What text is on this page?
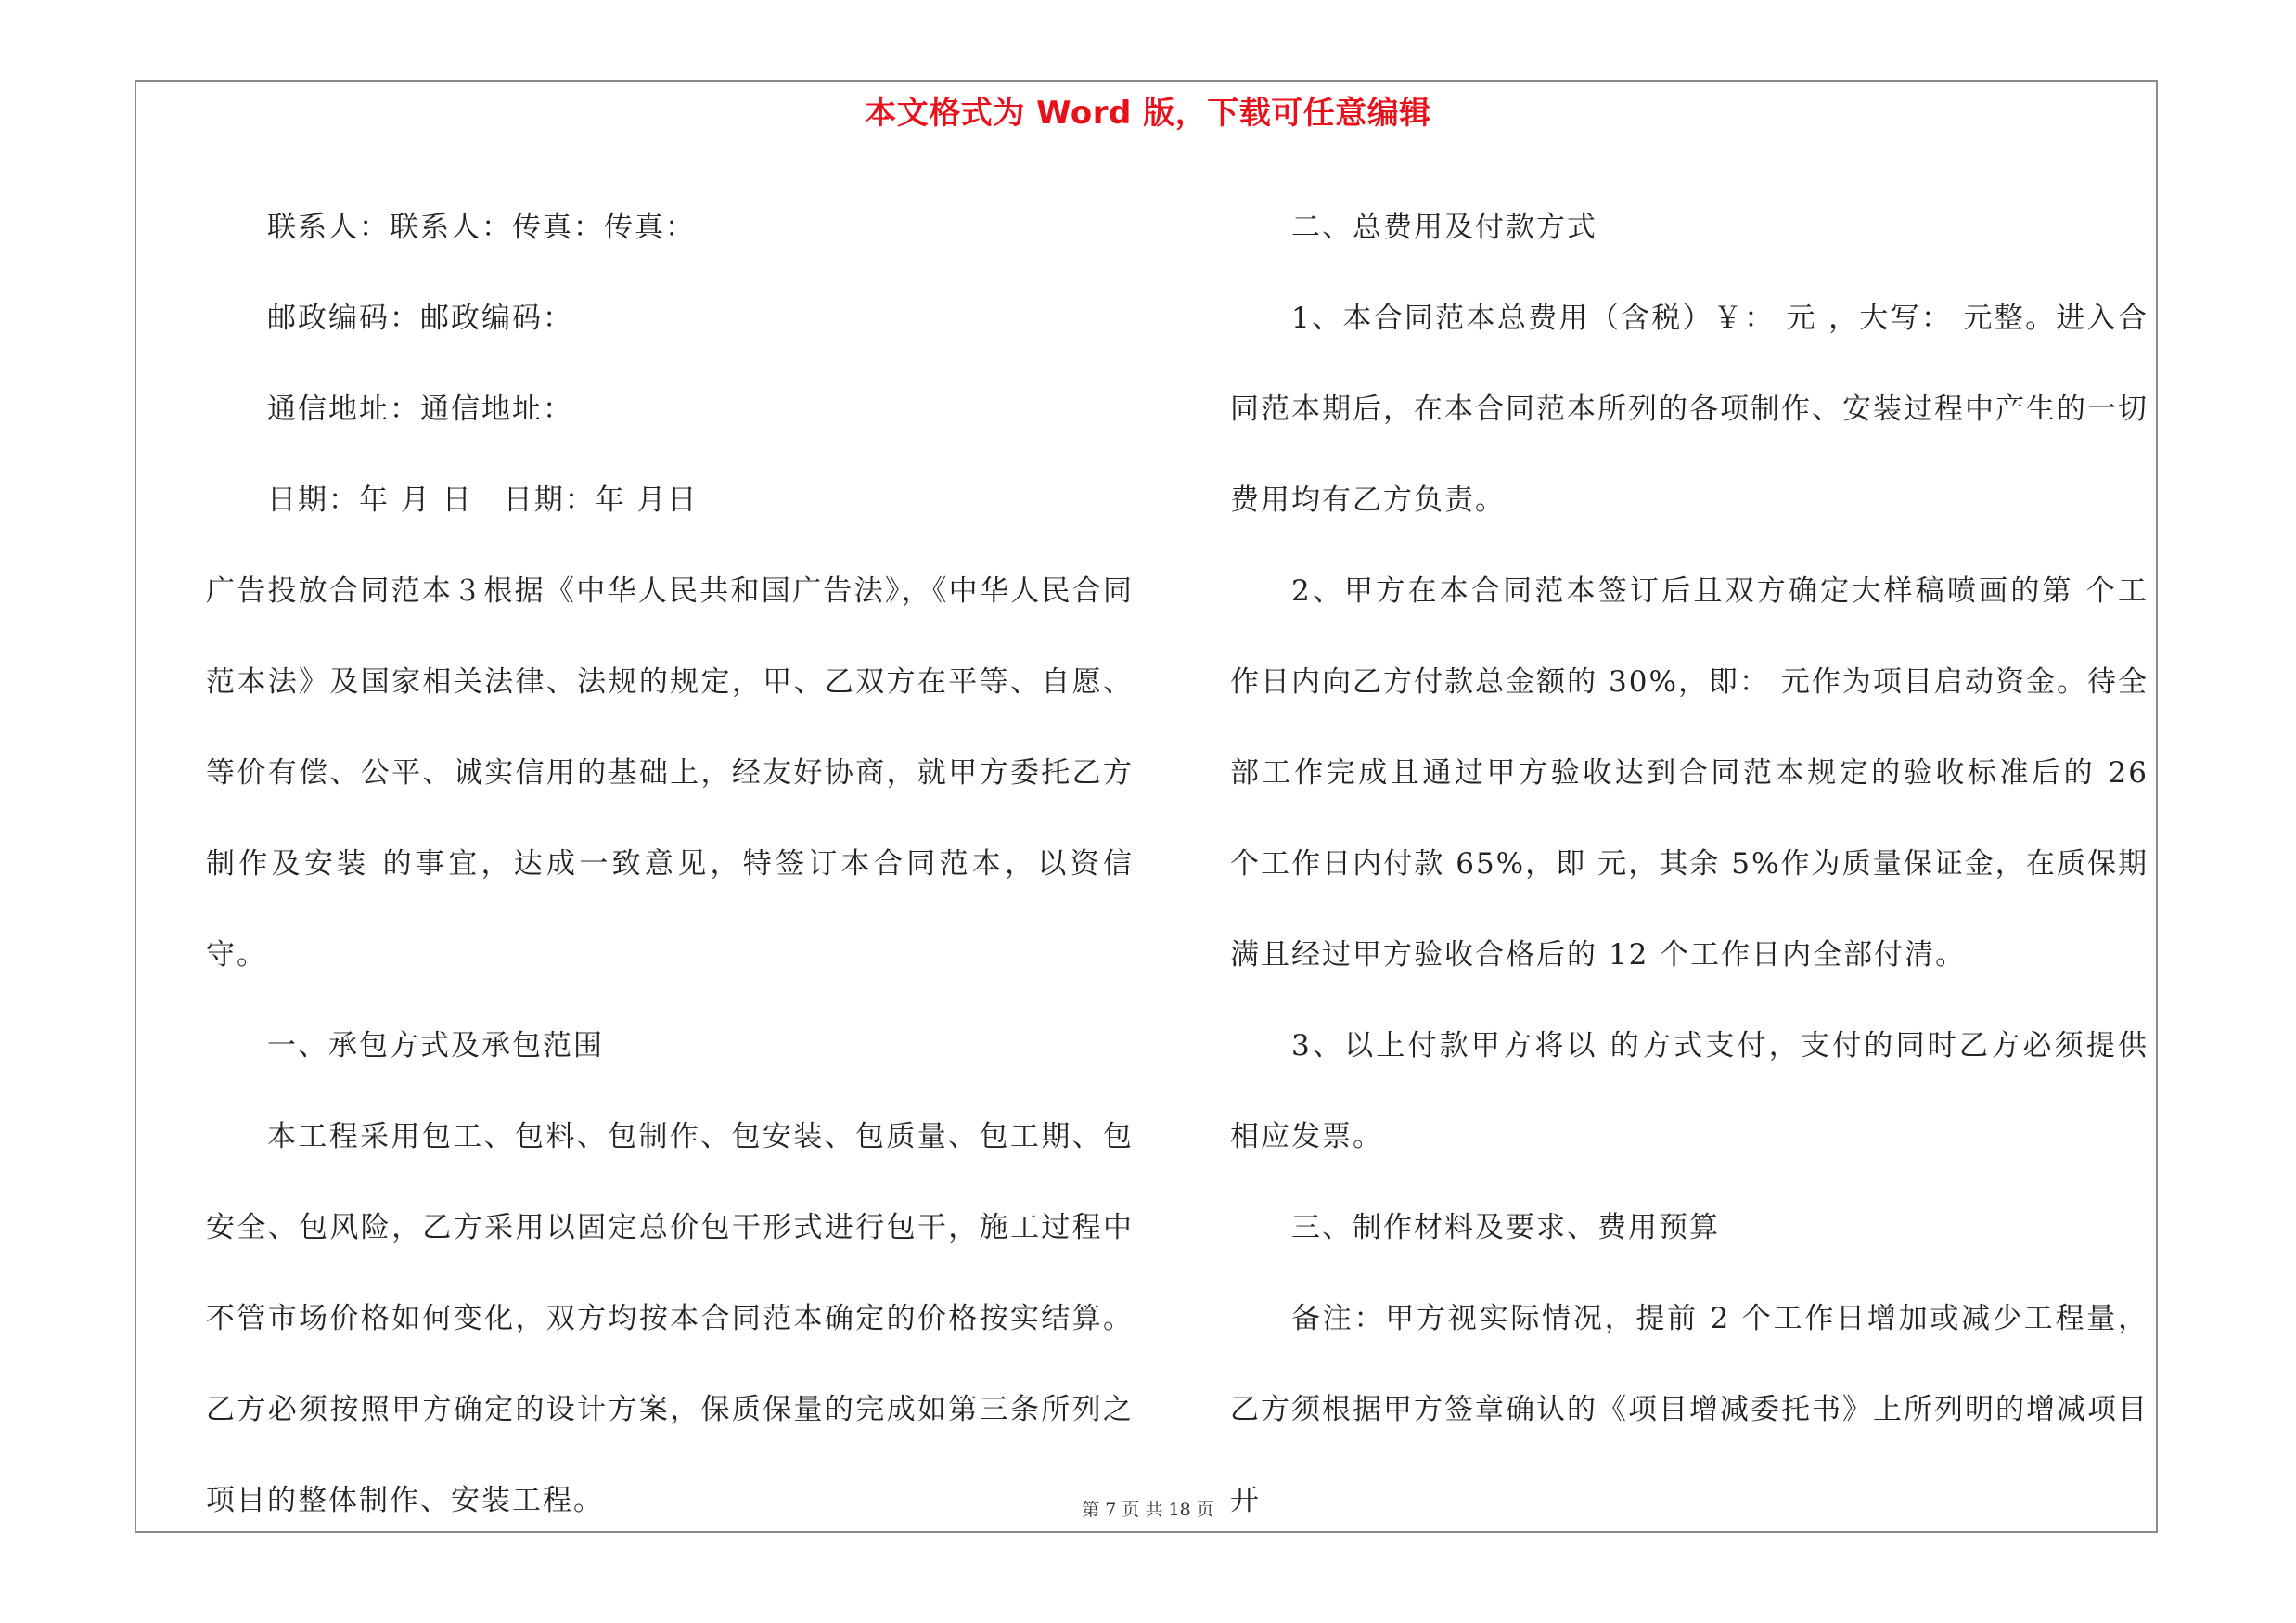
本文格式为 Word 版，下载可任意编辑

联系人：联系人：传真：传真：

邮政编码：邮政编码：

通信地址：通信地址：

日期：年 月 日　日期：年 月日

广告投放合同范本３根据《中华人民共和国广告法》，《中华人民合同范本法》及国家相关法律、法规的规定，甲、乙双方在平等、自愿、等价有偿、公平、诚实信用的基础上，经友好协商，就甲方委托乙方制作及安装 的事宜，达成一致意见，特签订本合同范本，以资信守。

一、承包方式及承包范围

本工程采用包工、包料、包制作、包安装、包质量、包工期、包安全、包风险，乙方采用以固定总价包干形式进行包干，施工过程中不管市场价格如何变化，双方均按本合同范本确定的价格按实结算。乙方必须按照甲方确定的设计方案，保质保量的完成如第三条所列之项目的整体制作、安装工程。

二、总费用及付款方式

1、本合同范本总费用（含税）￥： 元 ，大写： 元整。进入合同范本期后，在本合同范本所列的各项制作、安装过程中产生的一切费用均有乙方负责。

2、甲方在本合同范本签订后且双方确定大样稿喷画的第 个工作日内向乙方付款总金额的 30%，即： 元作为项目启动资金。待全部工作完成且通过甲方验收达到合同范本规定的验收标准后的 26 个工作日内付款 65%，即 元，其余 5%作为质量保证金，在质保期满且经过甲方验收合格后的 12 个工作日内全部付清。

3、以上付款甲方将以 的方式支付，支付的同时乙方必须提供相应发票。

三、制作材料及要求、费用预算

备注：甲方视实际情况，提前 2 个工作日增加或减少工程量，乙方须根据甲方签章确认的《项目增减委托书》上所列明的增减项目开

第 7 页 共 18 页
